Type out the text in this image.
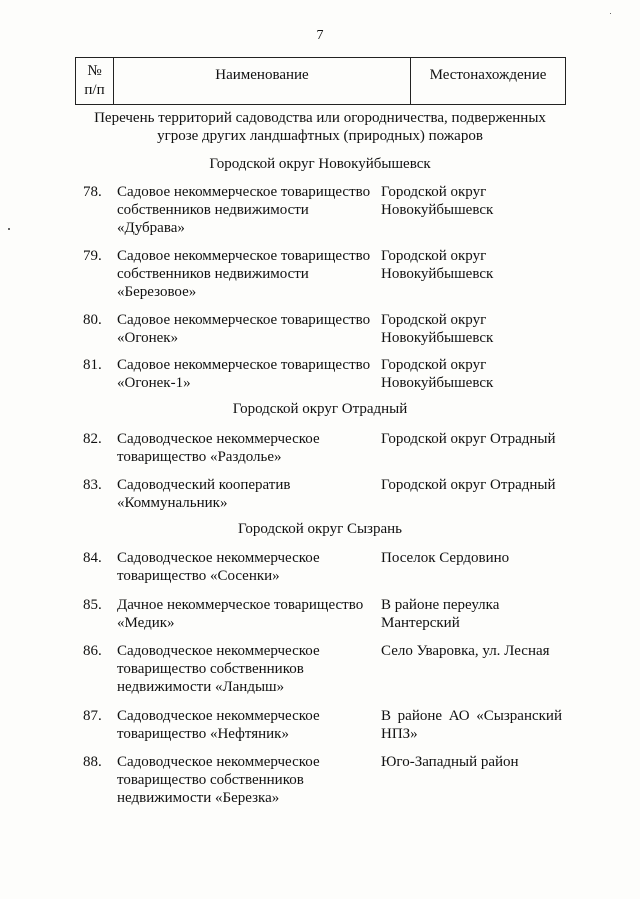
7
№
п/п
Наименование	Местонахождение
Перечень территорий садоводства или огородничества, подверженных
угрозе других ландшафтных (природных) пожаров
Городской округ Новокуйбышевск
78. Садовое некоммерческое товарищество
собственников недвижимости
«Дубрава»
Городской округ
Новокуйбышевск
79. Садовое некоммерческое товарищество
собственников недвижимости
«Березовое»
Городской округ
Новокуйбышевск
80. Садовое некоммерческое товарищество
«Огонек»
Городской округ
Новокуйбышевск
81. Садовое некоммерческое товарищество
«Огонек-1»
Городской округ
Новокуйбышевск
Городской округ Отрадный
82. Садоводческое некоммерческое
товарищество «Раздолье»
Городской округ Отрадный
83. Садоводческий кооператив
«Коммунальник»
Городской округ Отрадный
Городской округ Сызрань
84. Садоводческое некоммерческое
товарищество «Сосенки»
Поселок Сердовино
85. Дачное некоммерческое товарищество
«Медик»
В районе переулка
Мантерский
86. Садоводческое некоммерческое
товарищество собственников
недвижимости «Ландыш»
Село Уваровка, ул. Лесная
87. Садоводческое некоммерческое
товарищество «Нефтяник»
В районе АО «Сызранский
НПЗ»
88. Садоводческое некоммерческое
товарищество собственников
недвижимости «Березка»
Юго-Западный район
